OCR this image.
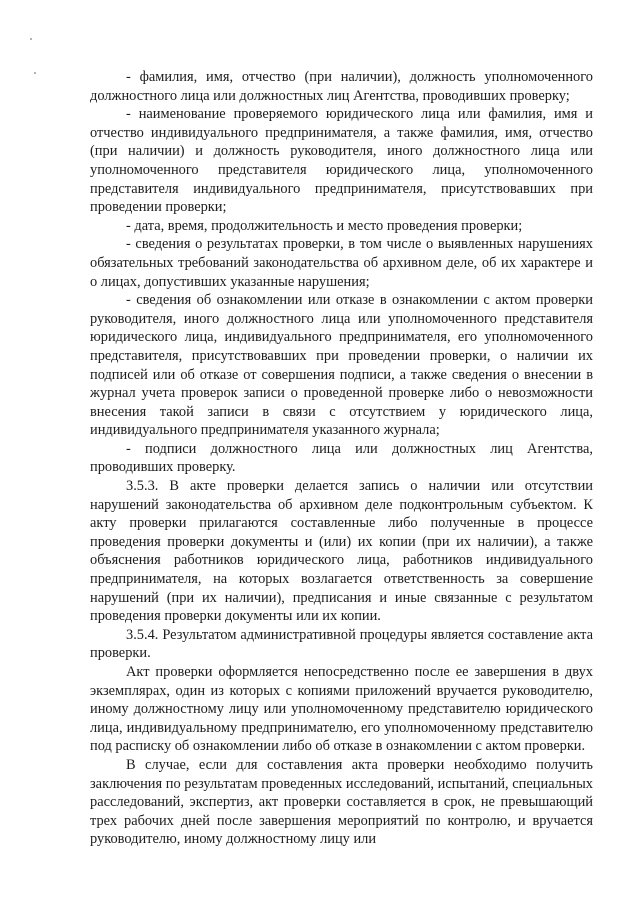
- фамилия, имя, отчество (при наличии), должность уполномоченного должностного лица или должностных лиц Агентства, проводивших проверку;

- наименование проверяемого юридического лица или фамилия, имя и отчество индивидуального предпринимателя, а также фамилия, имя, отчество (при наличии) и должность руководителя, иного должностного лица или уполномоченного представителя юридического лица, уполномоченного представителя индивидуального предпринимателя, присутствовавших при проведении проверки;

- дата, время, продолжительность и место проведения проверки;

- сведения о результатах проверки, в том числе о выявленных нарушениях обязательных требований законодательства об архивном деле, об их характере и о лицах, допустивших указанные нарушения;

- сведения об ознакомлении или отказе в ознакомлении с актом проверки руководителя, иного должностного лица или уполномоченного представителя юридического лица, индивидуального предпринимателя, его уполномоченного представителя, присутствовавших при проведении проверки, о наличии их подписей или об отказе от совершения подписи, а также сведения о внесении в журнал учета проверок записи о проведенной проверке либо о невозможности внесения такой записи в связи с отсутствием у юридического лица, индивидуального предпринимателя указанного журнала;

- подписи должностного лица или должностных лиц Агентства, проводивших проверку.

3.5.3. В акте проверки делается запись о наличии или отсутствии нарушений законодательства об архивном деле подконтрольным субъектом. К акту проверки прилагаются составленные либо полученные в процессе проведения проверки документы и (или) их копии (при их наличии), а также объяснения работников юридического лица, работников индивидуального предпринимателя, на которых возлагается ответственность за совершение нарушений (при их наличии), предписания и иные связанные с результатом проведения проверки документы или их копии.

3.5.4. Результатом административной процедуры является составление акта проверки.

Акт проверки оформляется непосредственно после ее завершения в двух экземплярах, один из которых с копиями приложений вручается руководителю, иному должностному лицу или уполномоченному представителю юридического лица, индивидуальному предпринимателю, его уполномоченному представителю под расписку об ознакомлении либо об отказе в ознакомлении с актом проверки.

В случае, если для составления акта проверки необходимо получить заключения по результатам проведенных исследований, испытаний, специальных расследований, экспертиз, акт проверки составляется в срок, не превышающий трех рабочих дней после завершения мероприятий по контролю, и вручается руководителю, иному должностному лицу или
